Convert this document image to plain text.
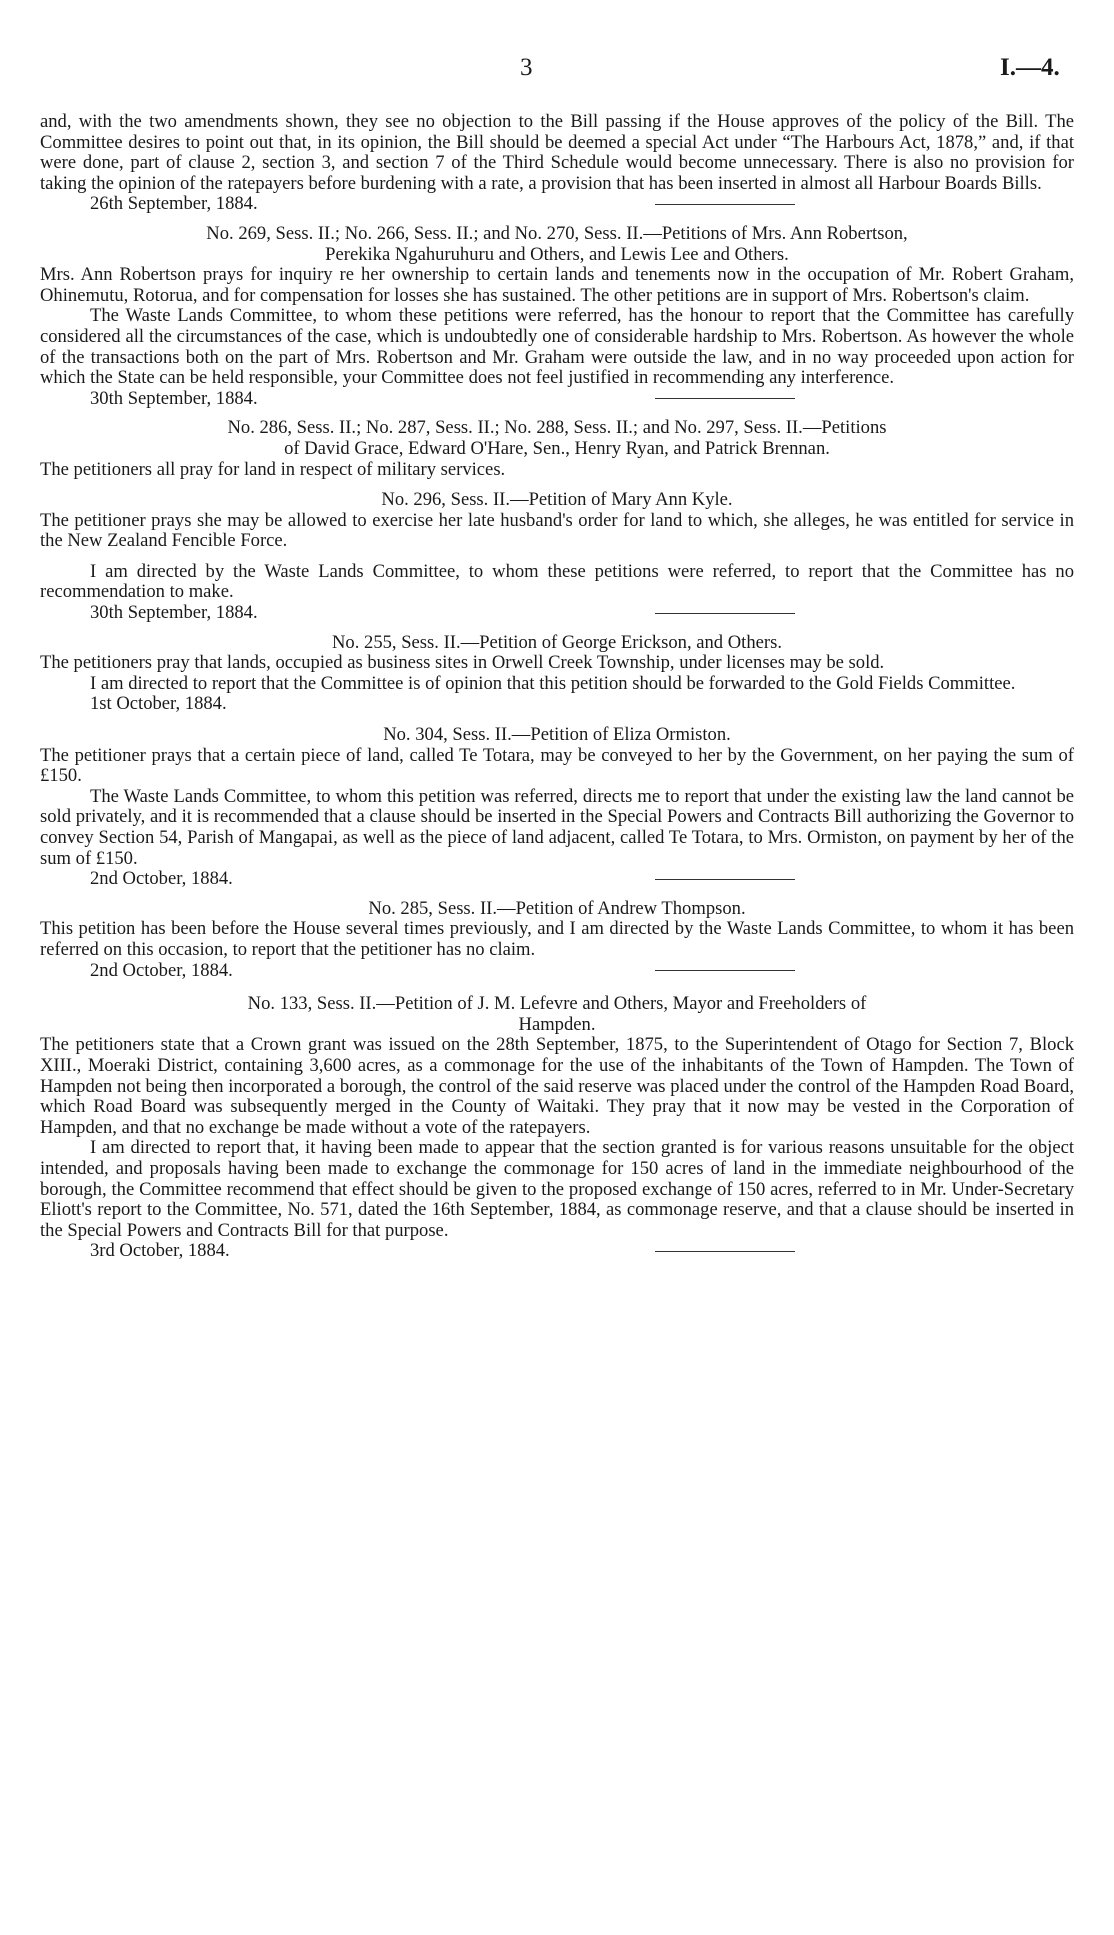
3	I.—4.

and, with the two amendments shown, they see no objection to the Bill passing if the House approves of the policy of the Bill. The Committee desires to point out that, in its opinion, the Bill should be deemed a special Act under “The Harbours Act, 1878,” and, if that were done, part of clause 2, section 3, and section 7 of the Third Schedule would become unnecessary. There is also no provision for taking the opinion of the ratepayers before burdening with a rate, a provision that has been inserted in almost all Harbour Boards Bills.

26th September, 1884.

No. 269, Sess. II.; No. 266, Sess. II.; and No. 270, Sess. II.—Petitions of Mrs. Ann Robertson,

Perekika Ngahuruhuru and Others, and Lewis Lee and Others.

Mrs. Ann Robertson prays for inquiry re her ownership to certain lands and tenements now in the occupation of Mr. Robert Graham, Ohinemutu, Rotorua, and for compensation for losses she has sustained. The other petitions are in support of Mrs. Robertson's claim.

The Waste Lands Committee, to whom these petitions were referred, has the honour to report that the Committee has carefully considered all the circumstances of the case, which is undoubtedly one of considerable hardship to Mrs. Robertson. As however the whole of the transactions both on the part of Mrs. Robertson and Mr. Graham were outside the law, and in no way proceeded upon action for which the State can be held responsible, your Committee does not feel justified in recommending any interference.

30th September, 1884.

No. 286, Sess. II.; No. 287, Sess. II.; No. 288, Sess. II.; and No. 297, Sess. II.—Petitions

of David Grace, Edward O'Hare, Sen., Henry Ryan, and Patrick Brennan.

The petitioners all pray for land in respect of military services.

No. 296, Sess. II.—Petition of Mary Ann Kyle.

The petitioner prays she may be allowed to exercise her late husband's order for land to which, she alleges, he was entitled for service in the New Zealand Fencible Force.

I am directed by the Waste Lands Committee, to whom these petitions were referred, to report that the Committee has no recommendation to make.

30th September, 1884.

No. 255, Sess. II.—Petition of George Erickson, and Others.

The petitioners pray that lands, occupied as business sites in Orwell Creek Township, under licenses may be sold.

I am directed to report that the Committee is of opinion that this petition should be forwarded to the Gold Fields Committee.

1st October, 1884.

No. 304, Sess. II.—Petition of Eliza Ormiston.

The petitioner prays that a certain piece of land, called Te Totara, may be conveyed to her by the Government, on her paying the sum of £150.

The Waste Lands Committee, to whom this petition was referred, directs me to report that under the existing law the land cannot be sold privately, and it is recommended that a clause should be inserted in the Special Powers and Contracts Bill authorizing the Governor to convey Section 54, Parish of Mangapai, as well as the piece of land adjacent, called Te Totara, to Mrs. Ormiston, on payment by her of the sum of £150.

2nd October, 1884.

No. 285, Sess. II.—Petition of Andrew Thompson.

This petition has been before the House several times previously, and I am directed by the Waste Lands Committee, to whom it has been referred on this occasion, to report that the petitioner has no claim.

2nd October, 1884.

No. 133, Sess. II.—Petition of J. M. Lefevre and Others, Mayor and Freeholders of

Hampden.

The petitioners state that a Crown grant was issued on the 28th September, 1875, to the Superintendent of Otago for Section 7, Block XIII., Moeraki District, containing 3,600 acres, as a commonage for the use of the inhabitants of the Town of Hampden. The Town of Hampden not being then incorporated a borough, the control of the said reserve was placed under the control of the Hampden Road Board, which Road Board was subsequently merged in the County of Waitaki. They pray that it now may be vested in the Corporation of Hampden, and that no exchange be made without a vote of the ratepayers.

I am directed to report that, it having been made to appear that the section granted is for various reasons unsuitable for the object intended, and proposals having been made to exchange the commonage for 150 acres of land in the immediate neighbourhood of the borough, the Committee recommend that effect should be given to the proposed exchange of 150 acres, referred to in Mr. Under-Secretary Eliott's report to the Committee, No. 571, dated the 16th September, 1884, as commonage reserve, and that a clause should be inserted in the Special Powers and Contracts Bill for that purpose.

3rd October, 1884.
